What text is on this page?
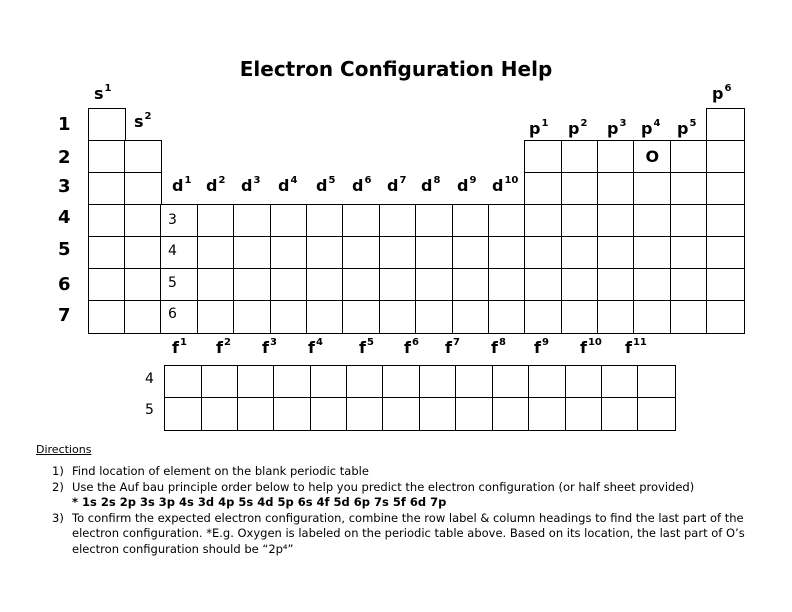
Electron Configuration Help
O
$s^1$
$s^2$
$p^1$ $p^2$ $p^3$ $p^4$ $p^5$
$p^6$
$d^1$ $d^2$ $d^3$ $d^4$ $d^5$ $d^6$ $d^7$ $d^8$ $d^9$ $d^{10}$
$f^1$ $f^2$ $f^3$ $f^4$ $f^5$ $f^6$ $f^7$ $f^8$ $f^9$ $f^{10}$ $f^{11}$
1
2
3
4
5
6
7
3
4
5
6
4
5
Directions
1) Find location of element on the blank periodic table
2) Use the Auf bau principle order below to help you predict the electron configuration (or half sheet provided)
* 1s 2s 2p 3s 3p 4s 3d 4p 5s 4d 5p 6s 4f 5d 6p 7s 5f 6d 7p
3) To confirm the expected electron configuration, combine the row label & column headings to find the last part of the electron configuration. *E.g. Oxygen is labeled on the periodic table above. Based on its location, the last part of O’s electron configuration should be “2p⁴”
